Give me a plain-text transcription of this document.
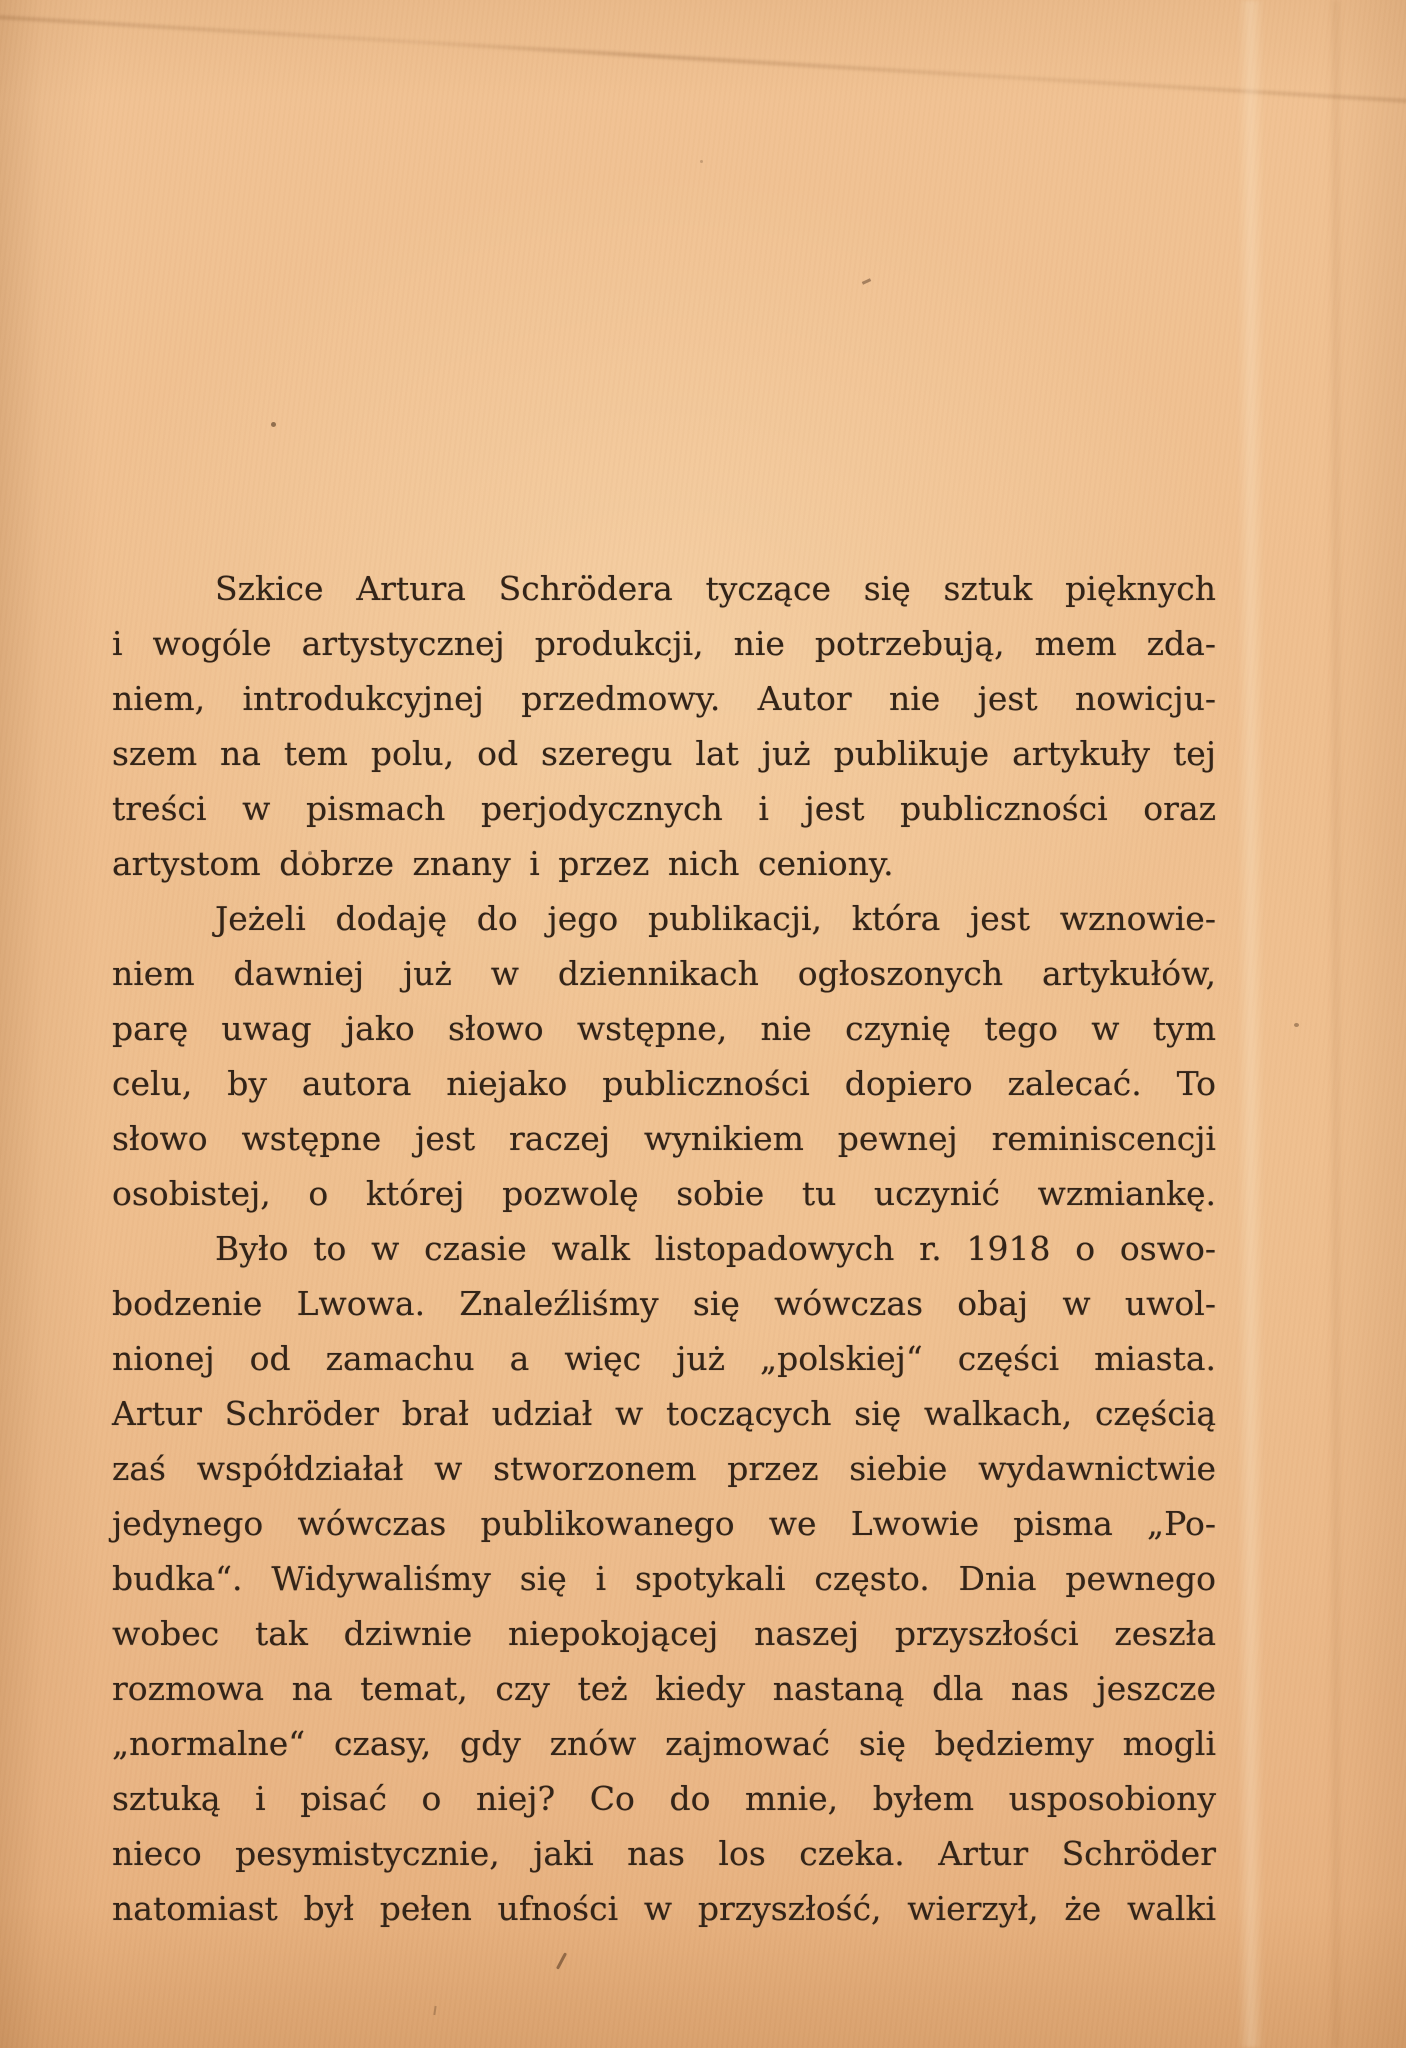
Szkice Artura Schrödera tyczące się sztuk pięknych
i wogóle artystycznej produkcji, nie potrzebują, mem zda-
niem, introdukcyjnej przedmowy. Autor nie jest nowicju-
szem na tem polu, od szeregu lat już publikuje artykuły tej
treści w pismach perjodycznych i jest publiczności oraz
artystom dobrze znany i przez nich ceniony.
Jeżeli dodaję do jego publikacji, która jest wznowie-
niem dawniej już w dziennikach ogłoszonych artykułów,
parę uwag jako słowo wstępne, nie czynię tego w tym
celu, by autora niejako publiczności dopiero zalecać. To
słowo wstępne jest raczej wynikiem pewnej reminiscencji
osobistej, o której pozwolę sobie tu uczynić wzmiankę.
Było to w czasie walk listopadowych r. 1918 o oswo-
bodzenie Lwowa. Znaleźliśmy się wówczas obaj w uwol-
nionej od zamachu a więc już „polskiej“ części miasta.
Artur Schröder brał udział w toczących się walkach, częścią
zaś współdziałał w stworzonem przez siebie wydawnictwie
jedynego wówczas publikowanego we Lwowie pisma „Po-
budka“. Widywaliśmy się i spotykali często. Dnia pewnego
wobec tak dziwnie niepokojącej naszej przyszłości zeszła
rozmowa na temat, czy też kiedy nastaną dla nas jeszcze
„normalne“ czasy, gdy znów zajmować się będziemy mogli
sztuką i pisać o niej? Co do mnie, byłem usposobiony
nieco pesymistycznie, jaki nas los czeka. Artur Schröder
natomiast był pełen ufności w przyszłość, wierzył, że walki
